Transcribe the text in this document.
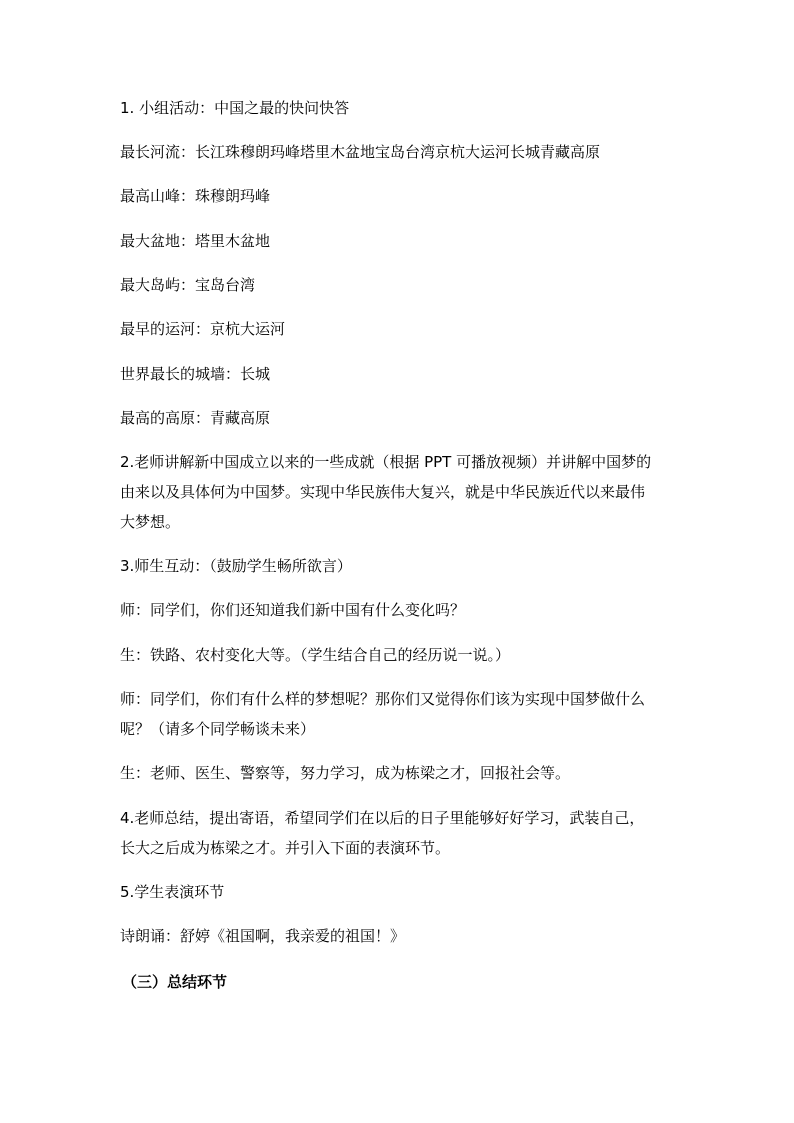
1. 小组活动：中国之最的快问快答
最长河流：长江珠穆朗玛峰塔里木盆地宝岛台湾京杭大运河长城青藏高原
最高山峰：珠穆朗玛峰
最大盆地：塔里木盆地
最大岛屿：宝岛台湾
最早的运河：京杭大运河
世界最长的城墙：长城
最高的高原：青藏高原
2.老师讲解新中国成立以来的一些成就（根据 PPT 可播放视频）并讲解中国梦的
由来以及具体何为中国梦。实现中华民族伟大复兴，就是中华民族近代以来最伟
大梦想。
3.师生互动：（鼓励学生畅所欲言）
师：同学们，你们还知道我们新中国有什么变化吗？
生：铁路、农村变化大等。（学生结合自己的经历说一说。）
师：同学们，你们有什么样的梦想呢？那你们又觉得你们该为实现中国梦做什么
呢？（请多个同学畅谈未来）
生：老师、医生、警察等，努力学习，成为栋梁之才，回报社会等。
4.老师总结，提出寄语，希望同学们在以后的日子里能够好好学习，武装自己，
长大之后成为栋梁之才。并引入下面的表演环节。
5.学生表演环节
诗朗诵：舒婷《祖国啊，我亲爱的祖国！》
（三）总结环节
